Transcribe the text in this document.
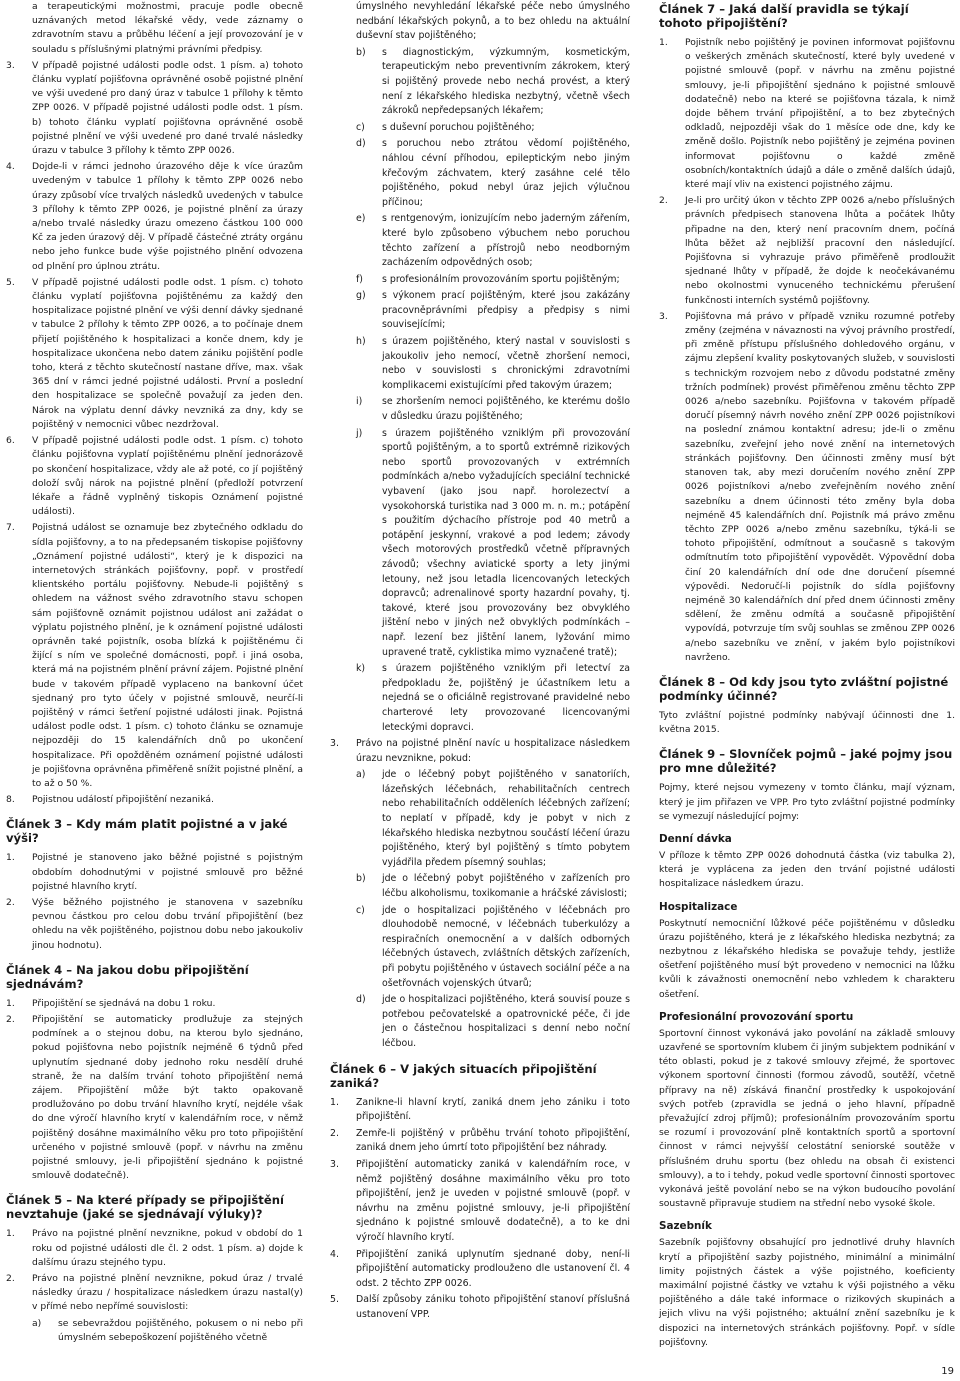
a terapeutickými možnostmi, pracuje podle obecně uznávaných metod lékařské vědy, vede záznamy o zdravotním stavu a průběhu léčení a její provozování je v souladu s příslušnými platnými právními předpisy.

3.	V případě pojistné události podle odst. 1 písm. a) tohoto článku vyplatí pojišťovna oprávněné osobě pojistné plnění ve výši uvedené pro daný úraz v tabulce 1 přílohy k těmto ZPP 0026. V případě pojistné události podle odst. 1 písm. b) tohoto článku vyplatí pojišťovna oprávněné osobě pojistné plnění ve výši uvedené pro dané trvalé následky úrazu v tabulce 3 přílohy k těmto ZPP 0026.
4.	Dojde-li v rámci jednoho úrazového děje k více úrazům uvedeným v tabulce 1 přílohy k těmto ZPP 0026 nebo úrazy způsobí více trvalých následků uvedených v tabulce 3 přílohy k těmto ZPP 0026, je pojistné plnění za úrazy a/nebo trvalé následky úrazu omezeno částkou 100 000 Kč za jeden úrazový děj. V případě částečné ztráty orgánu nebo jeho funkce bude výše pojistného plnění odvozena od plnění pro úplnou ztrátu.
5.	V případě pojistné události podle odst. 1 písm. c) tohoto článku vyplatí pojišťovna pojištěnému za každý den hospitalizace pojistné plnění ve výši denní dávky sjednané v tabulce 2 přílohy k těmto ZPP 0026, a to počínaje dnem přijetí pojištěného k hospitalizaci a konče dnem, kdy je hospitalizace ukončena nebo datem zániku pojištění podle toho, která z těchto skutečností nastane dříve, max. však 365 dní v rámci jedné pojistné události. První a poslední den hospitalizace se společně považují za jeden den. Nárok na výplatu denní dávky nevzniká za dny, kdy se pojištěný v nemocnici vůbec nezdržoval.
6.	V případě pojistné události podle odst. 1 písm. c) tohoto článku pojišťovna vyplatí pojištěnému plnění jednorázově po skončení hospitalizace, vždy ale až poté, co jí pojištěný doloží svůj nárok na pojistné plnění (předloží potvrzení lékaře a řádně vyplněný tiskopis Oznámení pojistné události).
7.	Pojistná událost se oznamuje bez zbytečného odkladu do sídla pojišťovny, a to na předepsaném tiskopise pojišťovny „Oznámení pojistné události“, který je k dispozici na internetových stránkách pojišťovny, popř. v prostředí klientského portálu pojišťovny. Nebude-li pojištěný s ohledem na vážnost svého zdravotního stavu schopen sám pojišťovně oznámit pojistnou událost ani zažádat o výplatu pojistného plnění, je k oznámení pojistné události oprávněn také pojistník, osoba blízká k pojištěnému či žijící s ním ve společné domácnosti, popř. i jiná osoba, která má na pojistném plnění právní zájem. Pojistné plnění bude v takovém případě vyplaceno na bankovní účet sjednaný pro tyto účely v pojistné smlouvě, neurčí-li pojištěný v rámci šetření pojistné události jinak. Pojistná událost podle odst. 1 písm. c) tohoto článku se oznamuje nejpozději do 15 kalendářních dnů po ukončení hospitalizace. Při opožděném oznámení pojistné události je pojišťovna oprávněna přiměřeně snížit pojistné plnění, a to až o 50 %.
8.	Pojistnou událostí připojištění nezaniká.
Článek 3 – Kdy mám platit pojistné a v jaké výši?
1.	Pojistné je stanoveno jako běžné pojistné s pojistným obdobím dohodnutými v pojistné smlouvě pro běžné pojistné hlavního krytí.
2.	Výše běžného pojistného je stanovena v sazebníku pevnou částkou pro celou dobu trvání připojištění (bez ohledu na věk pojištěného, pojistnou dobu nebo jakoukoliv jinou hodnotu).
Článek 4 – Na jakou dobu připojištění sjednávám?
1.	Připojištění se sjednává na dobu 1 roku.
2.	Připojištění se automaticky prodlužuje za stejných podmínek a o stejnou dobu, na kterou bylo sjednáno, pokud pojišťovna nebo pojistník nejméně 6 týdnů před uplynutím sjednané doby jednoho roku nesdělí druhé straně, že na dalším trvání tohoto připojištění nemá zájem. Připojištění může být takto opakovaně prodlužováno po dobu trvání hlavního krytí, nejdéle však do dne výročí hlavního krytí v kalendářním roce, v němž pojištěný dosáhne maximálního věku pro toto připojištění určeného v pojistné smlouvě (popř. v návrhu na změnu pojistné smlouvy, je-li připojištění sjednáno k pojistné smlouvě dodatečně).
Článek 5 – Na které případy se připojištění nevztahuje (jaké se sjednávají výluky)?
1.	Právo na pojistné plnění nevznikne, pokud v období do 1 roku od pojistné události dle čl. 2 odst. 1 písm. a) dojde k dalšímu úrazu stejného typu.
2.	Právo na pojistné plnění nevznikne, pokud úraz / trvalé následky úrazu / hospitalizace následkem úrazu nastal(y) v přímé nebo nepřímé souvislosti:
a)	se sebevraždou pojištěného, pokusem o ni nebo při úmyslném sebepoškození pojištěného včetně

úmyslného nevyhledání lékařské péče nebo úmyslného nedbání lékařských pokynů, a to bez ohledu na aktuální duševní stav pojištěného;

b)	s diagnostickým, výzkumným, kosmetickým, terapeutickým nebo preventivním zákrokem, který si pojištěný provede nebo nechá provést, a který není z lékařského hlediska nezbytný, včetně všech zákroků nepředepsaných lékařem;
c)	s duševní poruchou pojištěného;
d)	s poruchou nebo ztrátou vědomí pojištěného, náhlou cévní příhodou, epileptickým nebo jiným křečovým záchvatem, který zasáhne celé tělo pojištěného, pokud nebyl úraz jejich výlučnou příčinou;
e)	s rentgenovým, ionizujícím nebo jaderným zářením, které bylo způsobeno výbuchem nebo poruchou těchto zařízení a přístrojů nebo neodborným zacházením odpovědných osob;
f)	s profesionálním provozováním sportu pojištěným;
g)	s výkonem prací pojištěným, které jsou zakázány pracovněprávními předpisy a předpisy s nimi souvisejícími;
h)	s úrazem pojištěného, který nastal v souvislosti s jakoukoliv jeho nemocí, včetně zhoršení nemoci, nebo v souvislosti s chronickými zdravotními komplikacemi existujícími před takovým úrazem;
i)	se zhoršením nemoci pojištěného, ke kterému došlo v důsledku úrazu pojištěného;
j)	s úrazem pojištěného vzniklým při provozování sportů pojištěným, a to sportů extrémně rizikových nebo sportů provozovaných v extrémních podmínkách a/nebo vyžadujících speciální technické vybavení (jako jsou např. horolezectví a vysokohorská turistika nad 3 000 m. n. m.; potápění s použitím dýchacího přístroje pod 40 metrů a potápění jeskynní, vrakové a pod ledem; závody všech motorových prostředků včetně přípravných závodů; všechny aviatické sporty a lety jinými letouny, než jsou letadla licencovaných leteckých dopravců; adrenalinové sporty hazardní povahy, tj. takové, které jsou provozovány bez obvyklého jištění nebo v jiných než obvyklých podmínkách – např. lezení bez jištění lanem, lyžování mimo upravené tratě, cyklistika mimo vyznačené tratě);
k)	s úrazem pojištěného vzniklým při letectví za předpokladu že, pojištěný je účastníkem letu a nejedná se o oficiálně registrované pravidelné nebo charterové lety provozované licencovanými leteckými dopravci.
3.	Právo na pojistné plnění navíc u hospitalizace následkem úrazu nevznikne, pokud:
a)	jde o léčebný pobyt pojištěného v sanatoriích, lázeňských léčebnách, rehabilitačních centrech nebo rehabilitačních odděleních léčebných zařízení; to neplatí v případě, kdy je pobyt v nich z lékařského hlediska nezbytnou součástí léčení úrazu pojištěného, který byl pojištěný s tímto pobytem vyjádřila předem písemný souhlas;
b)	jde o léčebný pobyt pojištěného v zařízeních pro léčbu alkoholismu, toxikomanie a hráčské závislosti;
c)	jde o hospitalizaci pojištěného v léčebnách pro dlouhodobě nemocné, v léčebnách tuberkulózy a respiračních onemocnění a v dalších odborných léčebných ústavech, zvláštních dětských zařízeních, při pobytu pojištěného v ústavech sociální péče a na ošetřovnách vojenských útvarů;
d)	jde o hospitalizaci pojištěného, která souvisí pouze s potřebou pečovatelské a opatrovnické péče, či jde jen o částečnou hospitalizaci s denní nebo noční léčbou.
Článek 6 – V jakých situacích připojištění zaniká?
1.	Zanikne-li hlavní krytí, zaniká dnem jeho zániku i toto připojištění.
2.	Zemře-li pojištěný v průběhu trvání tohoto připojištění, zaniká dnem jeho úmrtí toto připojištění bez náhrady.
3.	Připojištění automaticky zaniká v kalendářním roce, v němž pojištěný dosáhne maximálního věku pro toto připojištění, jenž je uveden v pojistné smlouvě (popř. v návrhu na změnu pojistné smlouvy, je-li připojištění sjednáno k pojistné smlouvě dodatečně), a to ke dni výročí hlavního krytí.
4.	Připojištění zaniká uplynutím sjednané doby, není-li připojištění automaticky prodlouženo dle ustanovení čl. 4 odst. 2 těchto ZPP 0026.
5.	Další způsoby zániku tohoto připojištění stanoví příslušná ustanovení VPP.
Článek 7 – Jaká další pravidla se týkají tohoto připojištění?
1.	Pojistník nebo pojištěný je povinen informovat pojišťovnu o veškerých změnách skutečností, které byly uvedené v pojistné smlouvě (popř. v návrhu na změnu pojistné smlouvy, je-li připojištění sjednáno k pojistné smlouvě dodatečně) nebo na které se pojišťovna tázala, k nimž dojde během trvání připojištění, a to bez zbytečných odkladů, nejpozději však do 1 měsíce ode dne, kdy ke změně došlo. Pojistník nebo pojištěný je zejména povinen informovat pojišťovnu o každé změně osobních/kontaktních údajů a dále o změně dalších údajů, které mají vliv na existenci pojistného zájmu.
2.	Je-li pro určitý úkon v těchto ZPP 0026 a/nebo příslušných právních předpisech stanovena lhůta a počátek lhůty připadne na den, který není pracovním dnem, počíná lhůta běžet až nejbližší pracovní den následující. Pojišťovna si vyhrazuje právo přiměřeně prodloužit sjednané lhůty v případě, že dojde k neočekávanému nebo okolnostmi vynuceného technickému přerušení funkčnosti interních systémů pojišťovny.
3.	Pojišťovna má právo v případě vzniku rozumné potřeby změny (zejména v návaznosti na vývoj právního prostředí, při změně přístupu příslušného dohledového orgánu, v zájmu zlepšení kvality poskytovaných služeb, v souvislosti s technickým rozvojem nebo z důvodu podstatné změny tržních podmínek) provést přiměřenou změnu těchto ZPP 0026 a/nebo sazebníku. Pojišťovna v takovém případě doručí písemný návrh nového znění ZPP 0026 pojistníkovi na poslední známou kontaktní adresu; jde-li o změnu sazebníku, zveřejní jeho nové znění na internetových stránkách pojišťovny. Den účinnosti změny musí být stanoven tak, aby mezi doručením nového znění ZPP 0026 pojistníkovi a/nebo zveřejněním nového znění sazebníku a dnem účinnosti této změny byla doba nejméně 45 kalendářních dní. Pojistník má právo změnu těchto ZPP 0026 a/nebo změnu sazebníku, týká-li se tohoto připojištění, odmítnout a současně s takovým odmítnutím toto připojištění vypovědět. Výpovědní doba činí 20 kalendářních dní ode dne doručení písemné výpovědi. Nedoručí-li pojistník do sídla pojišťovny nejméně 30 kalendářních dní před dnem účinnosti změny sdělení, že změnu odmítá a současně připojištění vypovídá, potvrzuje tím svůj souhlas se změnou ZPP 0026 a/nebo sazebníku ve znění, v jakém bylo pojistníkovi navrženo.
Článek 8 – Od kdy jsou tyto zvláštní pojistné podmínky účinné?

Tyto zvláštní pojistné podmínky nabývají účinnosti dne 1. května 2015.

Článek 9 – Slovníček pojmů – jaké pojmy jsou pro mne důležité?

Pojmy, které nejsou vymezeny v tomto článku, mají význam, který je jim přiřazen ve VPP. Pro tyto zvláštní pojistné podmínky se vymezují následující pojmy:

Denní dávka

V příloze k těmto ZPP 0026 dohodnutá částka (viz tabulka 2), která je vyplácena za jeden den trvání pojistné události hospitalizace následkem úrazu.

Hospitalizace

Poskytnutí nemocniční lůžkové péče pojištěnému v důsledku úrazu pojištěného, která je z lékařského hlediska nezbytná; za nezbytnou z lékařského hlediska se považuje tehdy, jestliže ošetření pojištěného musí být provedeno v nemocnici na lůžku kvůli k závažnosti onemocnění nebo vzhledem k charakteru ošetření.

Profesionální provozování sportu

Sportovní činnost vykonává jako povolání na základě smlouvy uzavřené se sportovním klubem či jiným subjektem podnikání v této oblasti, pokud je z takové smlouvy zřejmé, že sportovec výkonem sportovní činnosti (formou závodů, soutěží, včetně přípravy na ně) získává finanční prostředky k uspokojování svých potřeb (zpravidla se jedná o jeho hlavní, případně převažující zdroj příjmů); profesionálním provozováním sportu se rozumí i provozování plně kontaktních sportů a sportovní činnost v rámci nejvyšší celostátní seniorské soutěže v příslušném druhu sportu (bez ohledu na obsah či existenci smlouvy), a to i tehdy, pokud vedle sportovní činnosti sportovec vykonává ještě povolání nebo se na výkon budoucího povolání soustavně připravuje studiem na střední nebo vysoké škole.

Sazebník

Sazebník pojišťovny obsahující pro jednotlivé druhy hlavních krytí a připojištění sazby pojistného, minimální a minimální limity pojistných částek a výše pojistného, koeficienty maximální pojistné částky ve vztahu k výši pojistného a věku pojištěného a dále také informace o rizikových skupinách a jejich vlivu na výši pojistného; aktuální znění sazebníku je k dispozici na internetových stránkách pojišťovny. Popř. v sídle pojišťovny.

19
